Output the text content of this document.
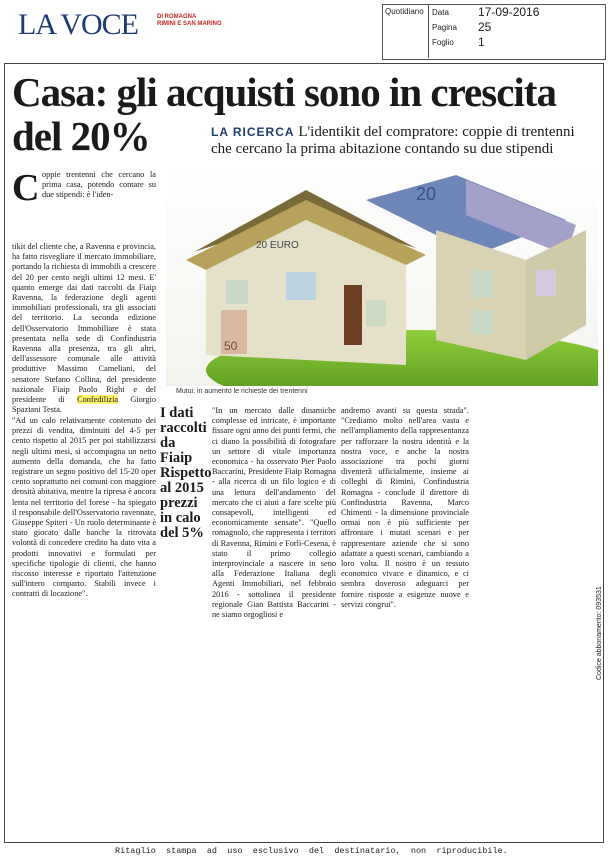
LA VOCE	DI ROMAGNA
RIMINI E SAN MARINO
Quotidiano Data 17-09-2016
Pagina 25
Foglio 1
Casa: gli acquisti sono in crescita
del 20%	LA RICERCA L'identikit del compratore: coppie di trentenni che cercano la prima abitazione contando su due stipendi
C oppie trentenni che cercano la prima casa, potendo contare su due stipendi: è l'iden-
tikit del cliente che, a Ravenna e provincia, ha fatto risvegliare il mercato immobiliare, portando la richiesta di immobili a crescere del 20 per cento negli ultimi 12 mesi. E' quanto emerge dai dati raccolti da Fiaip Ravenna, la federazione degli agenti immobiliari professionali, tra gli associati del territorio. La seconda edizione dell'Osservatorio Immobiliare è stata presentata nella sede di Confindustria Ravenna alla presenza, tra gli altri, dell'assessore comunale alle attività produttive Massimo Cameliani, del senatore Stefano Collina, del presidente nazionale Fiaip Paolo Righi e del presidente di Confedilizia Giorgio Spaziani Testa.
"Ad un calo relativamente contenuto dei prezzi di vendita, diminuiti del 4-5 per cento rispetto al 2015 per poi stabilizzarsi negli ultimi mesi, si accompagna un netto aumento della domanda, che ha fatto registrare un segno positivo del 15-20 oper cento soprattutto nei comuni con maggiore densità abitativa, mentre la ripresa è ancora lenta nel territorio del forese - ha spiegato il responsabile dell'Osservatorio ravennate, Giuseppe Spiteri - Un ruolo determinante è stato giocato dalle banche la ritrovata volontà di concedere credito ha dato vita a prodotti innovativi e formulati per specifiche tipologie di clienti, che hanno riscosso interesse e riportato l'attenzione sull'intero comparto. Stabili invece i contratti di locazione".
20 EURO
20
50
Mutui: in aumento le richieste dei trentenni
I dati raccolti da Fiaip Rispetto al 2015 prezzi in calo del 5%
"In un mercato dalle dinamiche complesse ed intricate, è importante fissare ogni anno dei punti fermi, che ci diano la possibilità di fotografare un settore di vitale importanza economica - ha osservato Pier Paolo Baccarini, Presidente Fiaip Romagna - alla ricerca di un filo logico e di una lettura dell'andamento del mercato che ci aiuti a fare scelte più consapevoli, intelligenti ed economicamente sensate". "Quello romagnolo, che rappresenta i territori di Ravenna, Rimini e Forlì-Cesena, è stato il primo collegio interprovinciale a nascere in seno alla Federazione Italiana degli Agenti Immobiliari, nel febbraio 2016 - sottolinea il presidente regionale Gian Battista Baccarini - ne siamo orgogliosi e
andremo avanti su questa strada". "Crediamo molto nell'area vasta e nell'ampliamento della rappresentanza per rafforzare la nostra identità e la nostra voce, e anche la nostra associazione tra pochi giorni diventerà ufficialmente, insieme ai colleghi di Rimini, Confindustria Romagna - conclude il direttore di Confindustria Ravenna, Marco Chimenti - la dimensione provinciale ormai non è più sufficiente per affrontare i mutati scenari e per rappresentare aziende che si sono adattate a questi scenari, cambiando a loro volta. Il nostro è un tessuto economico vivace e dinamico, e ci sembra doveroso adeguarci per fornire risposte a esigenze nuove e servizi congrui".
Ritaglio  stampa  ad  uso  esclusivo  del  destinatario,  non  riproducibile.
Codice abbonamento: 093531
